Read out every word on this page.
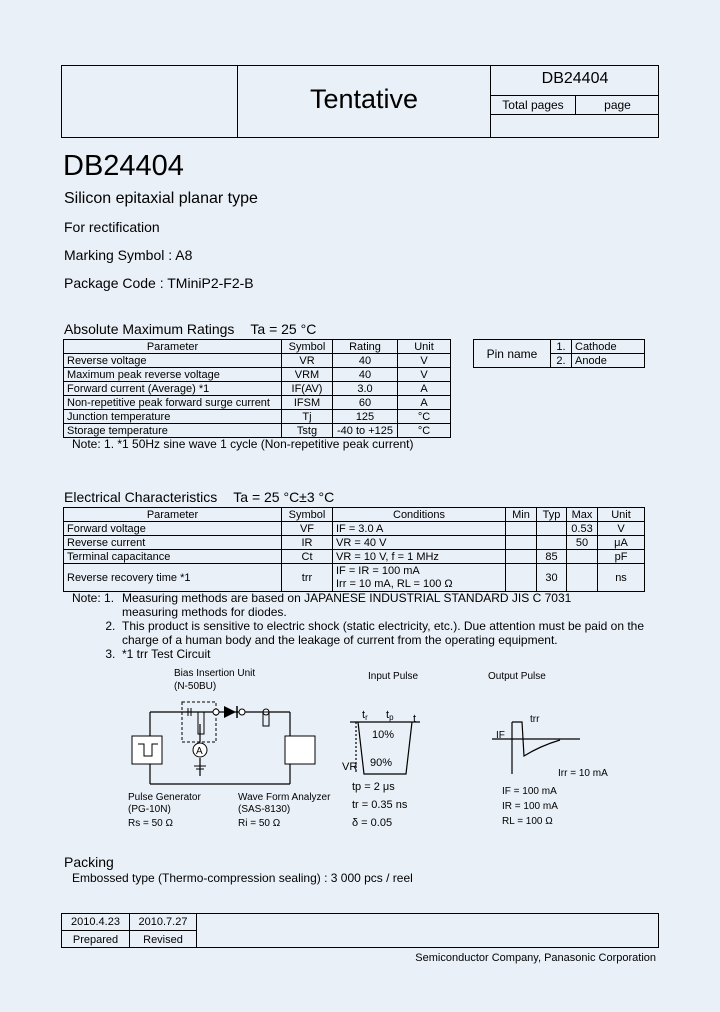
Tentative
DB24404
Total pages	page
DB24404
Silicon epitaxial planar type
For rectification
Marking Symbol : A8
Package Code : TMiniP2-F2-B
Absolute Maximum Ratings Ta = 25 °C
Parameter	Symbol	Rating	Unit
Reverse voltage	VR	40	V
Maximum peak reverse voltage	VRM	40	V
Forward current (Average) *1	IF(AV)	3.0	A
Non-repetitive peak forward surge current	IFSM	60	A
Junction temperature	Tj	125	°C
Storage temperature	Tstg	-40 to +125	°C
Note: 1. *1 50Hz sine wave 1 cycle (Non-repetitive peak current)
Pin name	1.	Cathode
	2.	Anode
Electrical Characteristics Ta = 25 °C±3 °C
Parameter	Symbol	Conditions	Min	Typ	Max	Unit
Forward voltage	VF	IF = 3.0 A			0.53	V
Reverse current	IR	VR = 40 V			50	μA
Terminal capacitance	Ct	VR = 10 V, f = 1 MHz		85		pF
Reverse recovery time *1	trr	IF = IR = 100 mA
Irr = 10 mA, RL = 100 Ω		30		ns
Note: 1. Measuring methods are based on JAPANESE INDUSTRIAL STANDARD JIS C 7031
measuring methods for diodes.
2. This product is sensitive to electric shock (static electricity, etc.). Due attention must be paid on the
charge of a human body and the leakage of current from the operating equipment.
3. *1 trr Test Circuit
Bias Insertion Unit
(N-50BU)
A
Pulse Generator
(PG-10N)
Rs = 50 Ω
Wave Form Analyzer
(SAS-8130)
Ri = 50 Ω
Input Pulse	Output Pulse
tr tp t
10%
90%
VR
tp = 2 μs
tr = 0.35 ns
δ = 0.05
IF
trr
Irr = 10 mA
IF = 100 mA
IR = 100 mA
RL = 100 Ω
Packing
Embossed type (Thermo-compression sealing) : 3 000 pcs / reel
2010.4.23	2010.7.27
Prepared	Revised
Semiconductor Company, Panasonic Corporation
